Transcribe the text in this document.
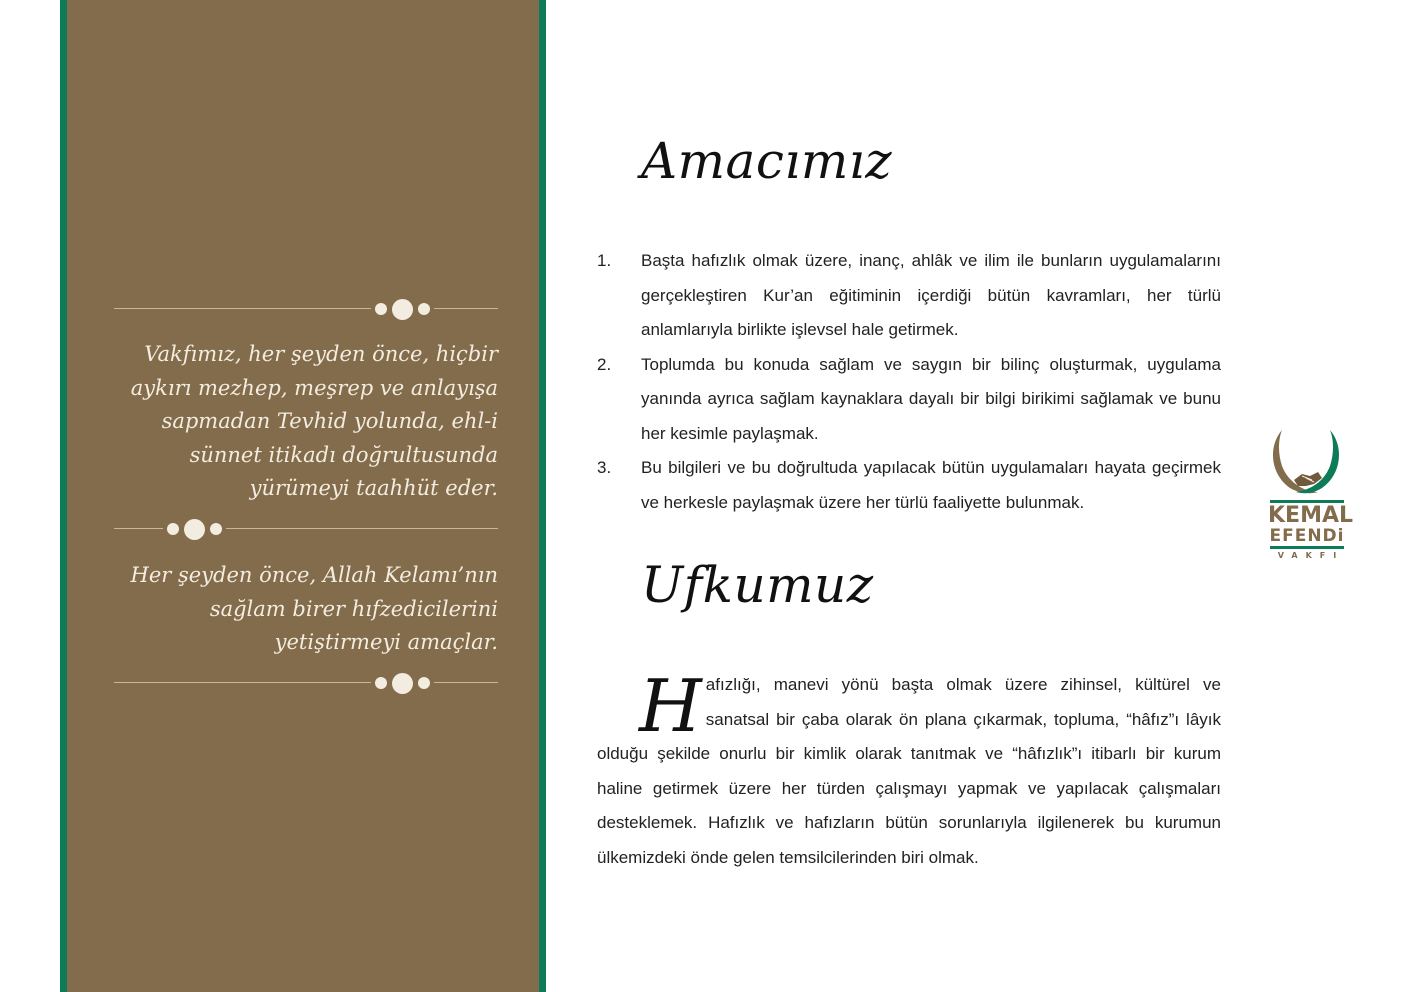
Vakfımız, her şeyden önce, hiçbir aykırı mezhep, meşrep ve anlayışa sapmadan Tevhid yolunda, ehl-i sünnet itikadı doğrultusunda yürümeyi taahhüt eder.
Her şeyden önce, Allah Kelamı’nın sağlam birer hıfzedicilerini yetiştirmeyi amaçlar.
Amacımız
1.	Başta hafızlık olmak üzere, inanç, ahlâk ve ilim ile bunların uygulamalarını gerçekleştiren Kur’an eğitiminin içerdiği bütün kavramları, her türlü anlamlarıyla birlikte işlevsel hale getirmek.
2.	Toplumda bu konuda sağlam ve saygın bir bilinç oluşturmak, uygulama yanında ayrıca sağlam kaynaklara dayalı bir bilgi birikimi sağlamak ve bunu her kesimle paylaşmak.
3.	Bu bilgileri ve bu doğrultuda yapılacak bütün uygulamaları hayata geçirmek ve herkesle paylaşmak üzere her türlü faaliyette bulunmak.
Ufkumuz

Hafızlığı, manevi yönü başta olmak üzere zihinsel, kültürel ve sanatsal bir çaba olarak ön plana çıkarmak, topluma, “hâfız”ı lâyık olduğu şekilde onurlu bir kimlik olarak tanıtmak ve “hâfızlık”ı itibarlı bir kurum haline getirmek üzere her türden çalışmayı yapmak ve yapılacak çalışmaları desteklemek. Hafızlık ve hafızların bütün sorunlarıyla ilgilenerek bu kurumun ülkemizdeki önde gelen temsilcilerinden biri olmak.

KEMAL
EFENDi
VAKFI
